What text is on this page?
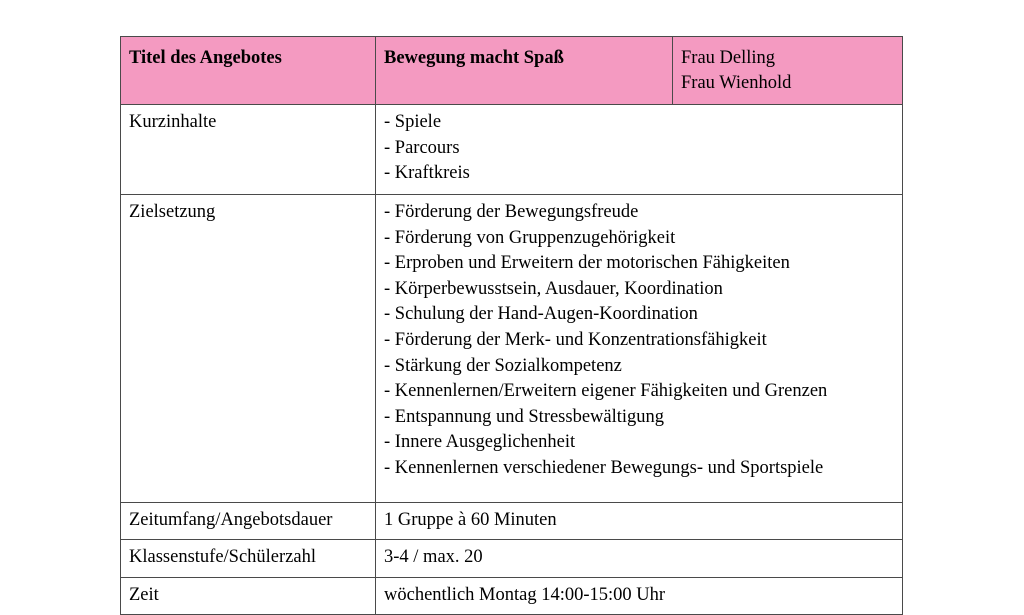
Titel des Angebotes	Bewegung macht Spaß	Frau Delling
Frau Wienhold

Kurzinhalte	- Spiele
- Parcours
- Kraftkreis

Zielsetzung	- Förderung der Bewegungsfreude
- Förderung von Gruppenzugehörigkeit
- Erproben und Erweitern der motorischen Fähigkeiten
- Körperbewusstsein, Ausdauer, Koordination
- Schulung der Hand-Augen-Koordination
- Förderung der Merk- und Konzentrationsfähigkeit
- Stärkung der Sozialkompetenz
- Kennenlernen/Erweitern eigener Fähigkeiten und Grenzen
- Entspannung und Stressbewältigung
- Innere Ausgeglichenheit
- Kennenlernen verschiedener Bewegungs- und Sportspiele

Zeitumfang/Angebotsdauer	1 Gruppe à 60 Minuten	
Klassenstufe/Schülerzahl	3-4 / max. 20	
Zeit	wöchentlich Montag 14:00-15:00 Uhr	
